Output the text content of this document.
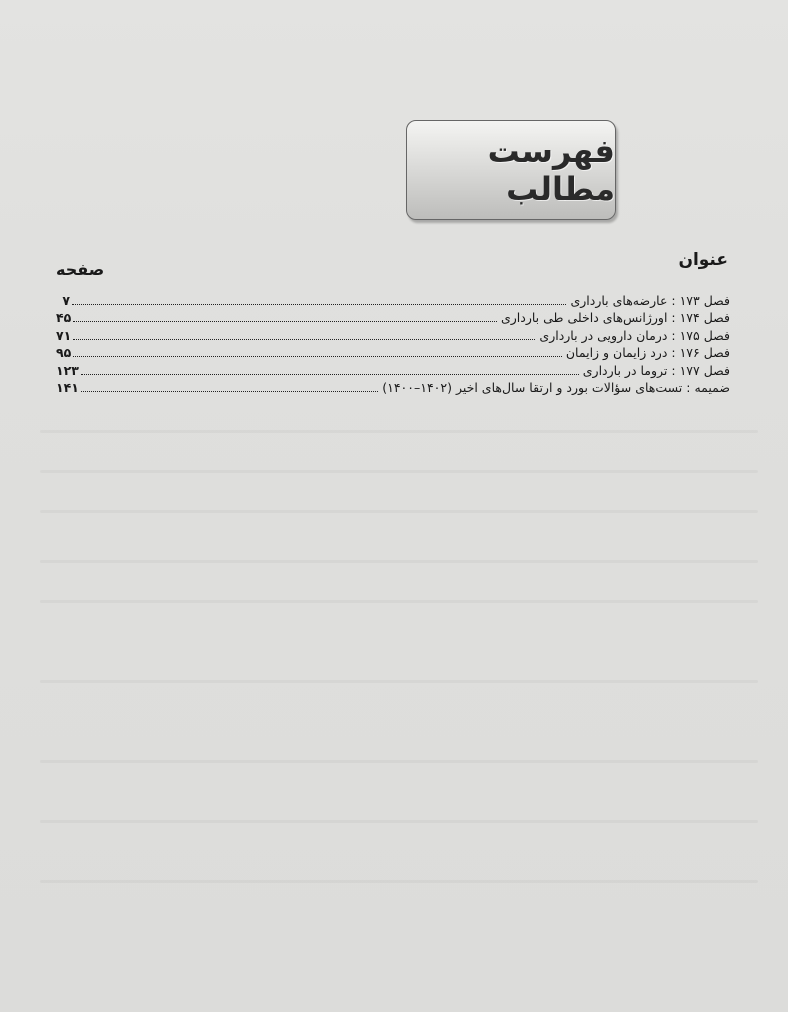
فهرست مطالب
عنوان
صفحه
۷	فصل ۱۷۳ : عارضه‌های بارداری
۴۵	فصل ۱۷۴ : اورژانس‌های داخلی طی بارداری
۷۱	فصل ۱۷۵ : درمان دارویی در بارداری
۹۵	فصل ۱۷۶ : درد زایمان و زایمان
۱۲۳	فصل ۱۷۷ : تروما در بارداری
۱۴۱	ضمیمه : تست‌های سؤالات بورد و ارتقا سال‌های اخیر (۱۴۰۲–۱۴۰۰)
